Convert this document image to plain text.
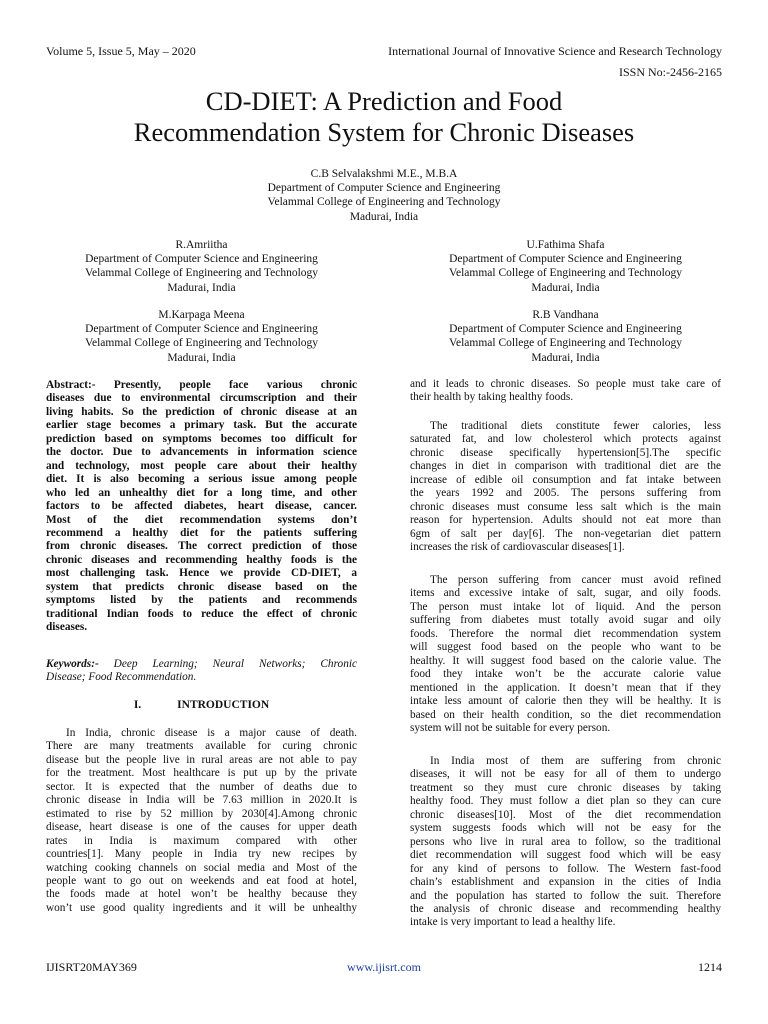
Volume 5, Issue 5, May – 2020	International Journal of Innovative Science and Research Technology
ISSN No:-2456-2165
CD-DIET: A Prediction and Food
Recommendation System for Chronic Diseases
C.B Selvalakshmi M.E., M.B.A
Department of Computer Science and Engineering
Velammal College of Engineering and Technology
Madurai, India
R.Amriitha
Department of Computer Science and Engineering
Velammal College of Engineering and Technology
Madurai, India
U.Fathima Shafa
Department of Computer Science and Engineering
Velammal College of Engineering and Technology
Madurai, India
M.Karpaga Meena
Department of Computer Science and Engineering
Velammal College of Engineering and Technology
Madurai, India
R.B Vandhana
Department of Computer Science and Engineering
Velammal College of Engineering and Technology
Madurai, India
Abstract:- Presently, people face various chronic
diseases due to environmental circumscription and their
living habits. So the prediction of chronic disease at an
earlier stage becomes a primary task. But the accurate
prediction based on symptoms becomes too difficult for
the doctor. Due to advancements in information science
and technology, most people care about their healthy
diet. It is also becoming a serious issue among people
who led an unhealthy diet for a long time, and other
factors to be affected diabetes, heart disease, cancer.
Most of the diet recommendation systems don’t
recommend a healthy diet for the patients suffering
from chronic diseases. The correct prediction of those
chronic diseases and recommending healthy foods is the
most challenging task. Hence we provide CD-DIET, a
system that predicts chronic disease based on the
symptoms listed by the patients and recommends
traditional Indian foods to reduce the effect of chronic
diseases.
Keywords:- Deep Learning; Neural Networks; Chronic
Disease; Food Recommendation.
I.	INTRODUCTION
In India, chronic disease is a major cause of death.
There are many treatments available for curing chronic
disease but the people live in rural areas are not able to pay
for the treatment. Most healthcare is put up by the private
sector. It is expected that the number of deaths due to
chronic disease in India will be 7.63 million in 2020.It is
estimated to rise by 52 million by 2030[4].Among chronic
disease, heart disease is one of the causes for upper death
rates in India is maximum compared with other
countries[1]. Many people in India try new recipes by
watching cooking channels on social media and Most of the
people want to go out on weekends and eat food at hotel,
the foods made at hotel won’t be healthy because they
won’t use good quality ingredients and it will be unhealthy
and it leads to chronic diseases. So people must take care of
their health by taking healthy foods.
The traditional diets constitute fewer calories, less
saturated fat, and low cholesterol which protects against
chronic disease specifically hypertension[5].The specific
changes in diet in comparison with traditional diet are the
increase of edible oil consumption and fat intake between
the years 1992 and 2005. The persons suffering from
chronic diseases must consume less salt which is the main
reason for hypertension. Adults should not eat more than
6gm of salt per day[6]. The non-vegetarian diet pattern
increases the risk of cardiovascular diseases[1].
The person suffering from cancer must avoid refined
items and excessive intake of salt, sugar, and oily foods.
The person must intake lot of liquid. And the person
suffering from diabetes must totally avoid sugar and oily
foods. Therefore the normal diet recommendation system
will suggest food based on the people who want to be
healthy. It will suggest food based on the calorie value. The
food they intake won’t be the accurate calorie value
mentioned in the application. It doesn’t mean that if they
intake less amount of calorie then they will be healthy. It is
based on their health condition, so the diet recommendation
system will not be suitable for every person.
In India most of them are suffering from chronic
diseases, it will not be easy for all of them to undergo
treatment so they must cure chronic diseases by taking
healthy food. They must follow a diet plan so they can cure
chronic diseases[10]. Most of the diet recommendation
system suggests foods which will not be easy for the
persons who live in rural area to follow, so the traditional
diet recommendation will suggest food which will be easy
for any kind of persons to follow. The Western fast-food
chain’s establishment and expansion in the cities of India
and the population has started to follow the suit. Therefore
the analysis of chronic disease and recommending healthy
intake is very important to lead a healthy life.
IJISRT20MAY369	www.ijisrt.com	1214
